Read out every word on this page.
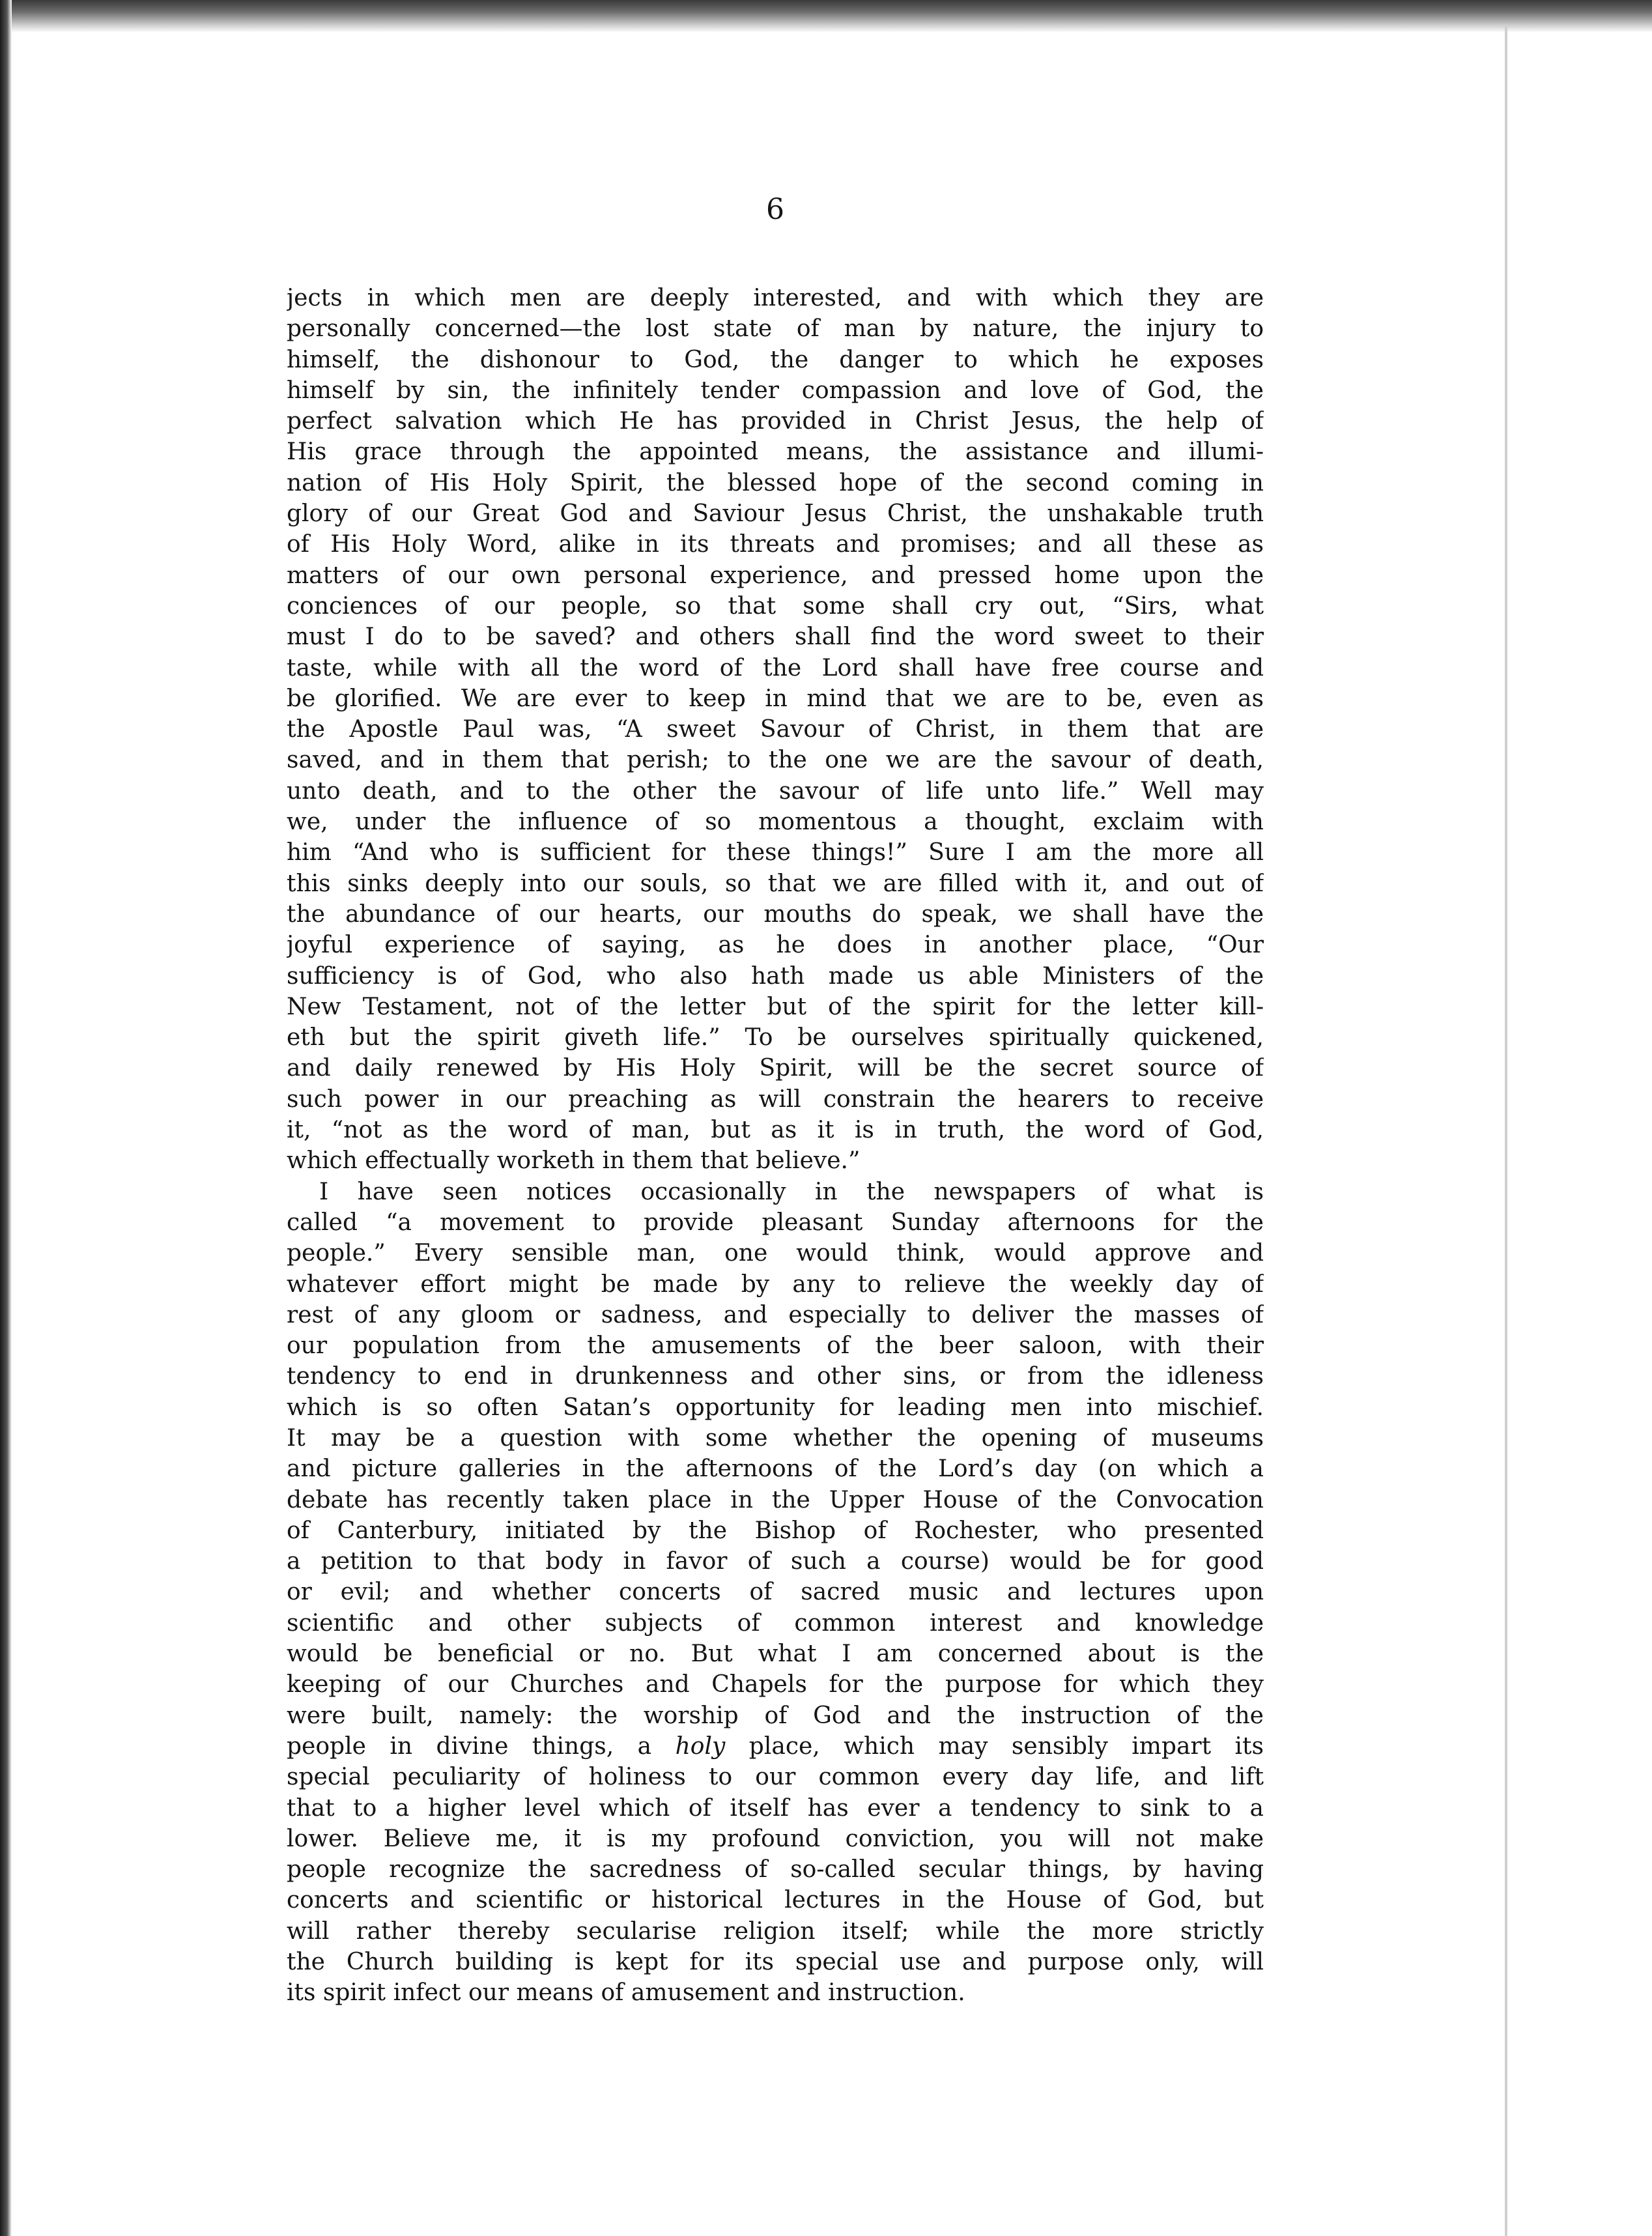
6
jects in which men are deeply interested, and with which they are
personally concerned—the lost state of man by nature, the injury to
himself, the dishonour to God, the danger to which he exposes
himself by sin, the infinitely tender compassion and love of God, the
perfect salvation which He has provided in Christ Jesus, the help of
His grace through the appointed means, the assistance and illumi-
nation of His Holy Spirit, the blessed hope of the second coming in
glory of our Great God and Saviour Jesus Christ, the unshakable truth
of His Holy Word, alike in its threats and promises; and all these as
matters of our own personal experience, and pressed home upon the
conciences of our people, so that some shall cry out, “Sirs, what
must I do to be saved? and others shall find the word sweet to their
taste, while with all the word of the Lord shall have free course and
be glorified. We are ever to keep in mind that we are to be, even as
the Apostle Paul was, “A sweet Savour of Christ, in them that are
saved, and in them that perish; to the one we are the savour of death,
unto death, and to the other the savour of life unto life.” Well may
we, under the influence of so momentous a thought, exclaim with
him “And who is sufficient for these things!” Sure I am the more all
this sinks deeply into our souls, so that we are filled with it, and out of
the abundance of our hearts, our mouths do speak, we shall have the
joyful experience of saying, as he does in another place, “Our
sufficiency is of God, who also hath made us able Ministers of the
New Testament, not of the letter but of the spirit for the letter kill-
eth but the spirit giveth life.” To be ourselves spiritually quickened,
and daily renewed by His Holy Spirit, will be the secret source of
such power in our preaching as will constrain the hearers to receive
it, “not as the word of man, but as it is in truth, the word of God,
which effectually worketh in them that believe.”
I have seen notices occasionally in the newspapers of what is
called “a movement to provide pleasant Sunday afternoons for the
people.” Every sensible man, one would think, would approve and
whatever effort might be made by any to relieve the weekly day of
rest of any gloom or sadness, and especially to deliver the masses of
our population from the amusements of the beer saloon, with their
tendency to end in drunkenness and other sins, or from the idleness
which is so often Satan’s opportunity for leading men into mischief.
It may be a question with some whether the opening of museums
and picture galleries in the afternoons of the Lord’s day (on which a
debate has recently taken place in the Upper House of the Convocation
of Canterbury, initiated by the Bishop of Rochester, who presented
a petition to that body in favor of such a course) would be for good
or evil; and whether concerts of sacred music and lectures upon
scientific and other subjects of common interest and knowledge
would be beneficial or no. But what I am concerned about is the
keeping of our Churches and Chapels for the purpose for which they
were built, namely: the worship of God and the instruction of the
people in divine things, a holy place, which may sensibly impart its
special peculiarity of holiness to our common every day life, and lift
that to a higher level which of itself has ever a tendency to sink to a
lower. Believe me, it is my profound conviction, you will not make
people recognize the sacredness of so-called secular things, by having
concerts and scientific or historical lectures in the House of God, but
will rather thereby secularise religion itself; while the more strictly
the Church building is kept for its special use and purpose only, will
its spirit infect our means of amusement and instruction.
